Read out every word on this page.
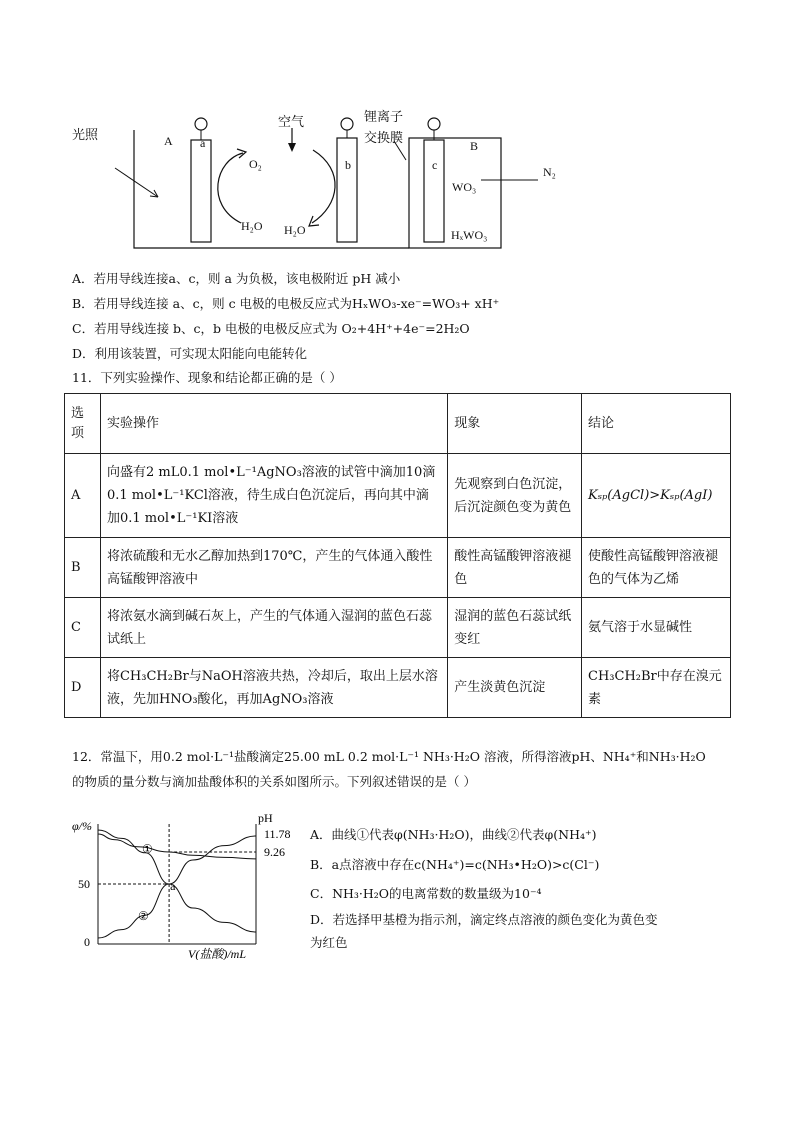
光照	A a
O₂
H₂O
空气
H₂O
b
锂离子
交换膜
c
B
WO₃
HₓWO₃
N₂
A．若用导线连接a、c，则 a 为负极，该电极附近 pH 减小
B．若用导线连接 a、c，则 c 电极的电极反应式为HₓWO₃-xe⁻=WO₃+ xH⁺
C．若用导线连接 b、c，b 电极的电极反应式为 O₂+4H⁺+4e⁻=2H₂O
D．利用该装置，可实现太阳能向电能转化
11．下列实验操作、现象和结论都正确的是（ ）
选项	实验操作	现象	结论
A	向盛有2 mL0.1 mol•L⁻¹AgNO₃溶液的试管中滴加10滴0.1 mol•L⁻¹KCl溶液，待生成白色沉淀后，再向其中滴加0.1 mol•L⁻¹KI溶液	先观察到白色沉淀，后沉淀颜色变为黄色	Kₛₚ(AgCl)>Kₛₚ(AgI)
B	将浓硫酸和无水乙醇加热到170℃，产生的气体通入酸性高锰酸钾溶液中	酸性高锰酸钾溶液褪色	使酸性高锰酸钾溶液褪色的气体为乙烯
C	将浓氨水滴到碱石灰上，产生的气体通入湿润的蓝色石蕊试纸上	湿润的蓝色石蕊试纸变红	氨气溶于水显碱性
D	将CH₃CH₂Br与NaOH溶液共热，冷却后，取出上层水溶液，先加HNO₃酸化，再加AgNO₃溶液	产生淡黄色沉淀	CH₃CH₂Br中存在溴元素
12．常温下，用0.2 mol·L⁻¹盐酸滴定25.00 mL 0.2 mol·L⁻¹ NH₃·H₂O 溶液，所得溶液pH、NH₄⁺和NH₃·H₂O
的物质的量分数与滴加盐酸体积的关系如图所示。下列叙述错误的是（ ）
φ/%
pH
11.78
9.26
50
0
①
②
a
V(盐酸)/mL
A．曲线①代表φ(NH₃·H₂O)，曲线②代表φ(NH₄⁺)
B．a点溶液中存在c(NH₄⁺)=c(NH₃•H₂O)>c(Cl⁻)
C．NH₃·H₂O的电离常数的数量级为10⁻⁴
D．若选择甲基橙为指示剂，滴定终点溶液的颜色变化为黄色变
为红色
